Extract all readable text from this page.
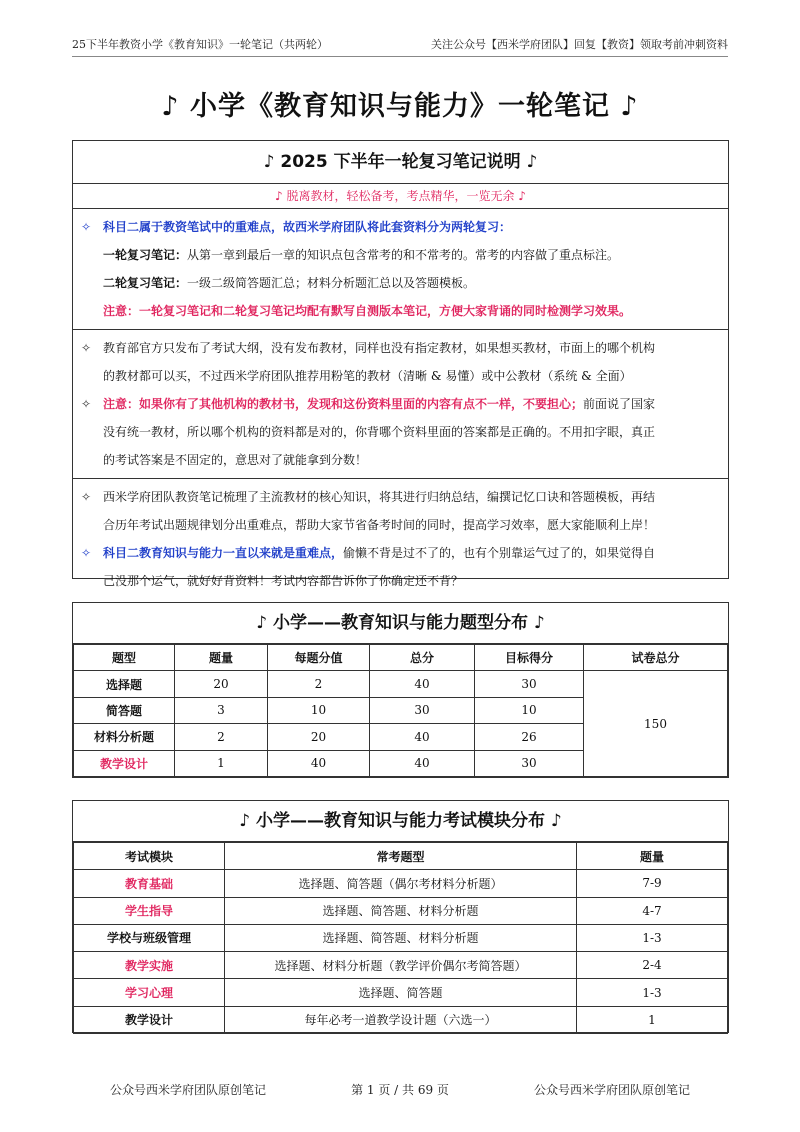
25下半年教资小学《教育知识》一轮笔记（共两轮）	关注公众号【西米学府团队】回复【教资】领取考前冲刺资料
♪ 小学《教育知识与能力》一轮笔记 ♪
♪ 2025 下半年一轮复习笔记说明 ♪
♪ 脱离教材，轻松备考，考点精华，一览无余 ♪
✧ 科目二属于教资笔试中的重难点，故西米学府团队将此套资料分为两轮复习：
一轮复习笔记：从第一章到最后一章的知识点包含常考的和不常考的。常考的内容做了重点标注。
二轮复习笔记：一级二级简答题汇总；材料分析题汇总以及答题模板。
注意：一轮复习笔记和二轮复习笔记均配有默写自测版本笔记，方便大家背诵的同时检测学习效果。
✧ 教育部官方只发布了考试大纲，没有发布教材，同样也没有指定教材，如果想买教材，市面上的哪个机构
的教材都可以买，不过西米学府团队推荐用粉笔的教材（清晰 & 易懂）或中公教材（系统 & 全面）
✧ 注意：如果你有了其他机构的教材书，发现和这份资料里面的内容有点不一样，不要担心；前面说了国家
没有统一教材，所以哪个机构的资料都是对的，你背哪个资料里面的答案都是正确的。不用扣字眼，真正
的考试答案是不固定的，意思对了就能拿到分数！
✧ 西米学府团队教资笔记梳理了主流教材的核心知识，将其进行归纳总结，编撰记忆口诀和答题模板，再结
合历年考试出题规律划分出重难点，帮助大家节省备考时间的同时，提高学习效率，愿大家能顺利上岸！
✧ 科目二教育知识与能力一直以来就是重难点，偷懒不背是过不了的，也有个别靠运气过了的，如果觉得自
己没那个运气，就好好背资料！考试内容都告诉你了你确定还不背？
♪ 小学——教育知识与能力题型分布 ♪
题型	题量	每题分值	总分	目标得分	试卷总分
选择题	20	2	40	30	150
简答题	3	10	30	10	
材料分析题	2	20	40	26	
教学设计	1	40	40	30	
♪ 小学——教育知识与能力考试模块分布 ♪
考试模块	常考题型	题量
教育基础	选择题、简答题（偶尔考材料分析题）	7-9
学生指导	选择题、简答题、材料分析题	4-7
学校与班级管理	选择题、简答题、材料分析题	1-3
教学实施	选择题、材料分析题（教学评价偶尔考简答题）	2-4
学习心理	选择题、简答题	1-3
教学设计	每年必考一道教学设计题（六选一）	1
公众号西米学府团队原创笔记	第 1 页 / 共 69 页	公众号西米学府团队原创笔记
